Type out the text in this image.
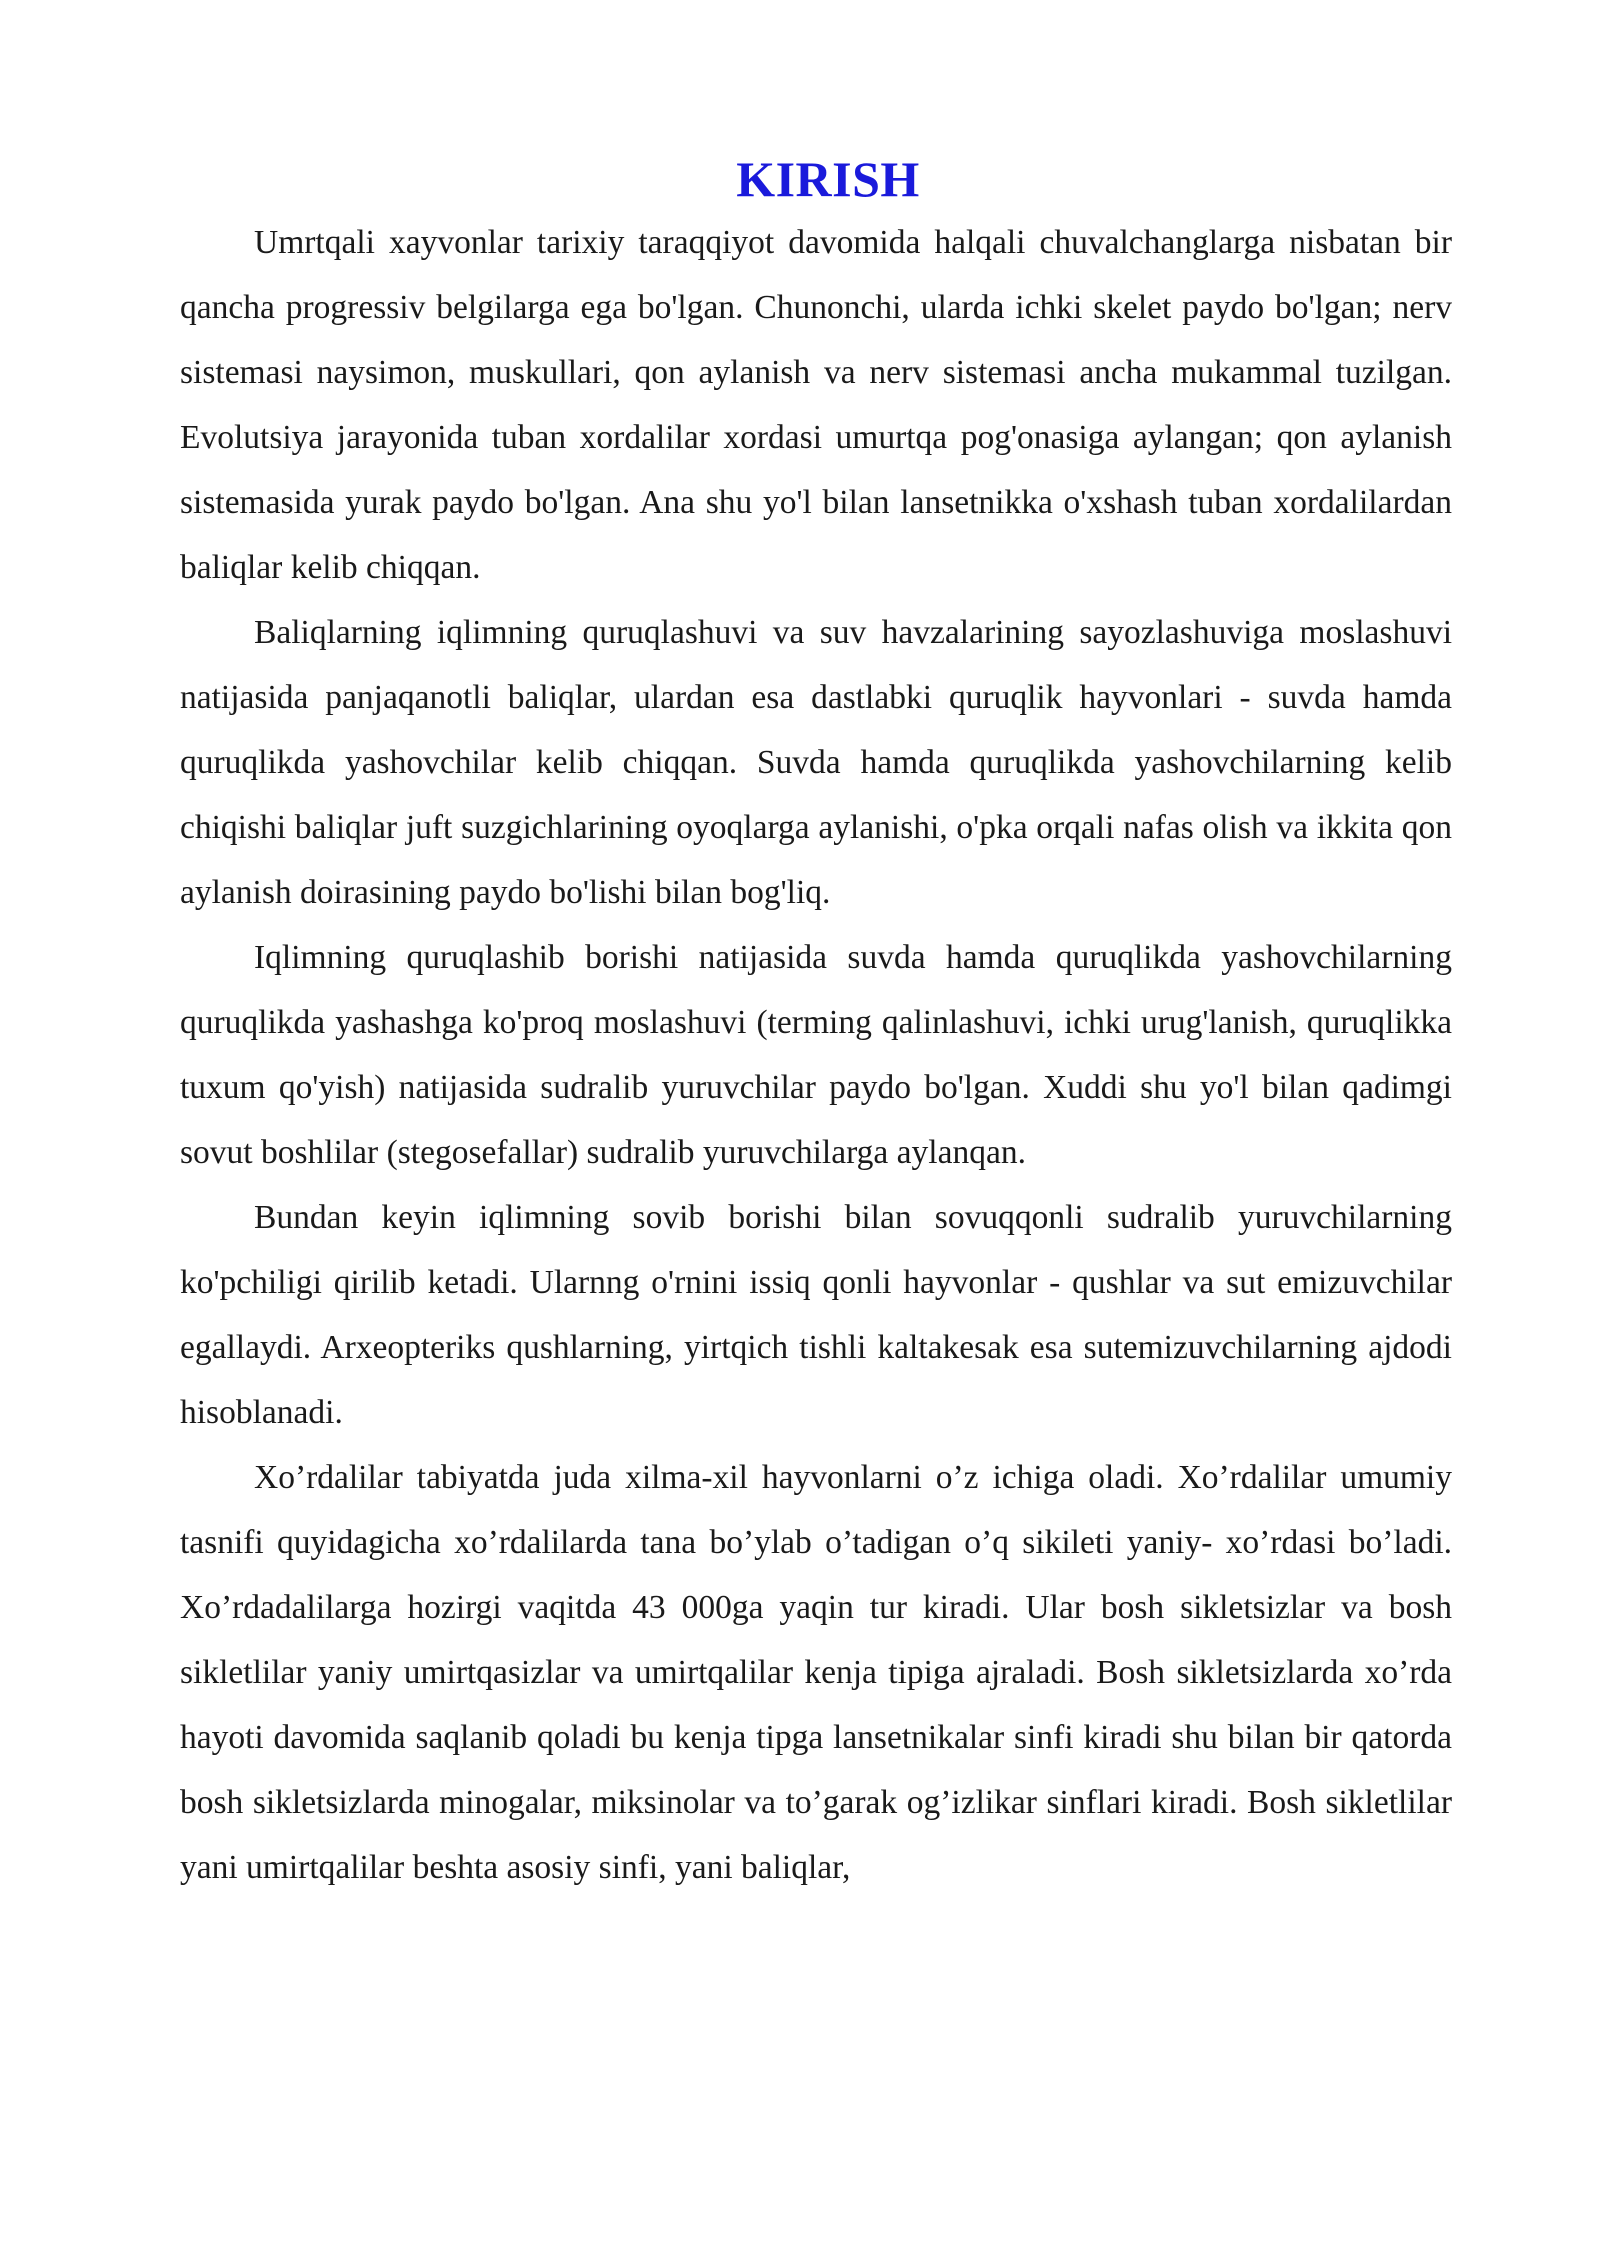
KIRISH

Umrtqali xayvonlar tarixiy taraqqiyot davomida halqali chuvalchanglarga nisbatan bir qancha progressiv belgilarga ega bo'lgan. Chunonchi, ularda ichki skelet paydo bo'lgan; nerv sistemasi naysimon, muskullari, qon aylanish va nerv sistemasi ancha mukammal tuzilgan. Evolutsiya jarayonida tuban xordalilar xordasi umurtqa pog'onasiga aylangan; qon aylanish sistemasida yurak paydo bo'lgan. Ana shu yo'l bilan lansetnikka o'xshash tuban xordalilardan baliqlar kelib chiqqan.

Baliqlarning iqlimning quruqlashuvi va suv havzalarining sayozlashuviga moslashuvi natijasida panjaqanotli baliqlar, ulardan esa dastlabki quruqlik hayvonlari - suvda hamda quruqlikda yashovchilar kelib chiqqan. Suvda hamda quruqlikda yashovchilarning kelib chiqishi baliqlar juft suzgichlarining oyoqlarga aylanishi, o'pka orqali nafas olish va ikkita qon aylanish doirasining paydo bo'lishi bilan bog'liq.

Iqlimning quruqlashib borishi natijasida suvda hamda quruqlikda yashovchilarning quruqlikda yashashga ko'proq moslashuvi (terming qalinlashuvi, ichki urug'lanish, quruqlikka tuxum qo'yish) natijasida sudralib yuruvchilar paydo bo'lgan. Xuddi shu yo'l bilan qadimgi sovut boshlilar (stegosefallar) sudralib yuruvchilarga aylanqan.

Bundan keyin iqlimning sovib borishi bilan sovuqqonli sudralib yuruvchilarning ko'pchiligi qirilib ketadi. Ularnng o'rnini issiq qonli hayvonlar - qushlar va sut emizuvchilar egallaydi. Arxeopteriks qushlarning, yirtqich tishli kaltakesak esa sutemizuvchilarning ajdodi hisoblanadi.

Xo’rdalilar tabiyatda juda xilma-xil hayvonlarni o’z ichiga oladi. Xo’rdalilar umumiy tasnifi quyidagicha xo’rdalilarda tana bo’ylab o’tadigan o’q sikileti yaniy- xo’rdasi bo’ladi. Xo’rdadalilarga hozirgi vaqitda 43 000ga yaqin tur kiradi. Ular bosh sikletsizlar va bosh sikletlilar yaniy umirtqasizlar va umirtqalilar kenja tipiga ajraladi. Bosh sikletsizlarda xo’rda hayoti davomida saqlanib qoladi bu kenja tipga lansetnikalar sinfi kiradi shu bilan bir qatorda bosh sikletsizlarda minogalar, miksinolar va to’garak og’izlikar sinflari kiradi. Bosh sikletlilar yani umirtqalilar beshta asosiy sinfi, yani baliqlar,
